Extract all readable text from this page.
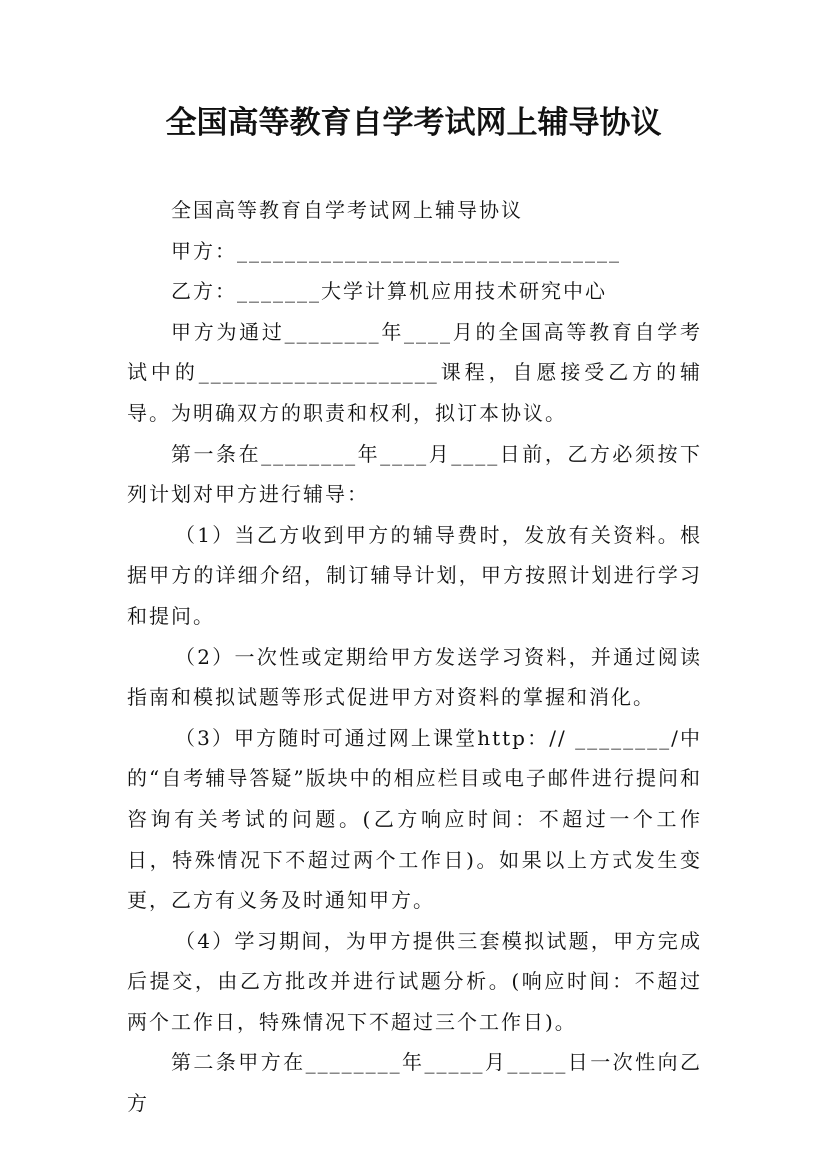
全国高等教育自学考试网上辅导协议

全国高等教育自学考试网上辅导协议

甲方：________________________________

乙方：_______大学计算机应用技术研究中心

甲方为通过________年____月的全国高等教育自学考试中的____________________课程，自愿接受乙方的辅导。为明确双方的职责和权利，拟订本协议。

第一条在________年____月____日前，乙方必须按下列计划对甲方进行辅导：

（1）当乙方收到甲方的辅导费时，发放有关资料。根据甲方的详细介绍，制订辅导计划，甲方按照计划进行学习和提问。

（2）一次性或定期给甲方发送学习资料，并通过阅读指南和模拟试题等形式促进甲方对资料的掌握和消化。

（3）甲方随时可通过网上课堂http：// ________/中的“自考辅导答疑”版块中的相应栏目或电子邮件进行提问和咨询有关考试的问题。(乙方响应时间：不超过一个工作日，特殊情况下不超过两个工作日)。如果以上方式发生变更，乙方有义务及时通知甲方。

（4）学习期间，为甲方提供三套模拟试题，甲方完成后提交，由乙方批改并进行试题分析。(响应时间：不超过两个工作日，特殊情况下不超过三个工作日)。

第二条甲方在________年_____月_____日一次性向乙方
